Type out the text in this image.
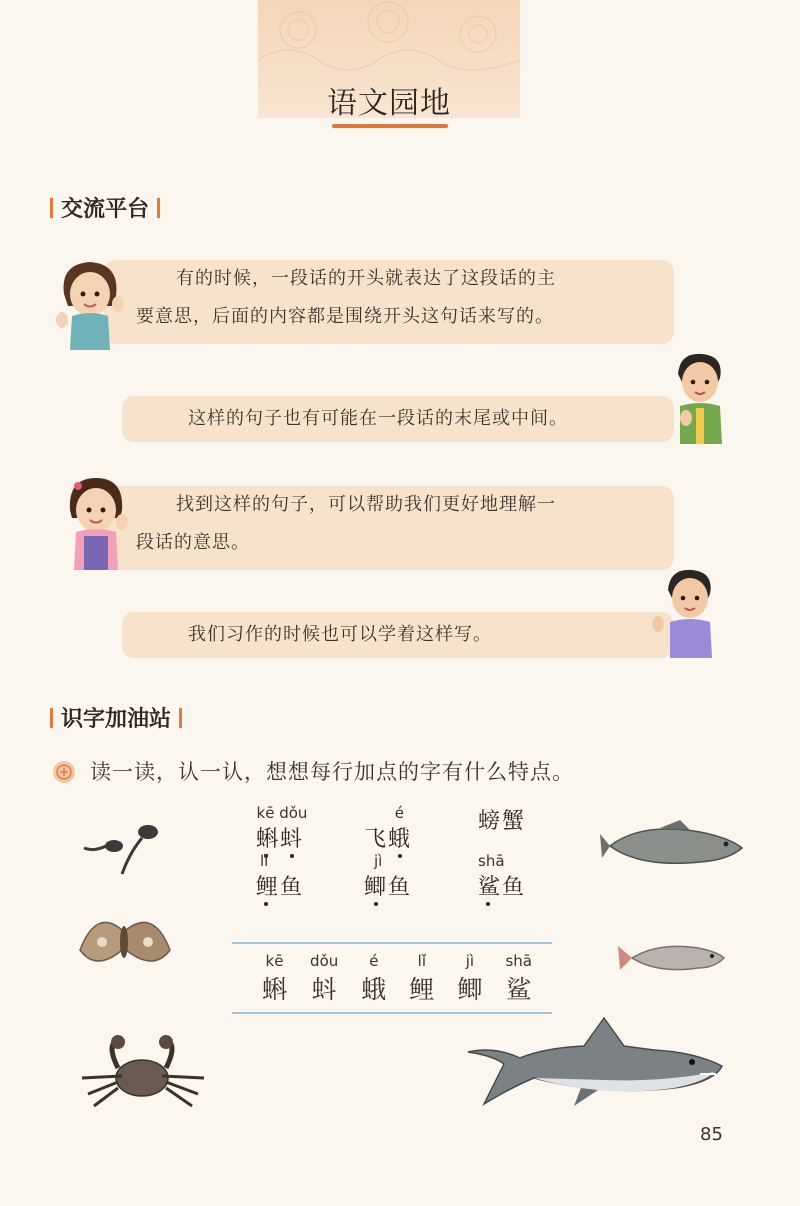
语文园地
交流平台
有的时候，一段话的开头就表达了这段话的主
要意思，后面的内容都是围绕开头这句话来写的。
这样的句子也有可能在一段话的末尾或中间。
找到这样的句子，可以帮助我们更好地理解一
段话的意思。
我们习作的时候也可以学着这样写。
识字加油站
读一读，认一认，想想每行加点的字有什么特点。
kē dǒu
蝌蚪
é
飞蛾
螃蟹
lǐ
鲤鱼
jì
鲫鱼
shā
鲨鱼
kē
蝌
dǒu
蚪
é
蛾
lǐ
鲤
jì
鲫
shā
鲨
85
